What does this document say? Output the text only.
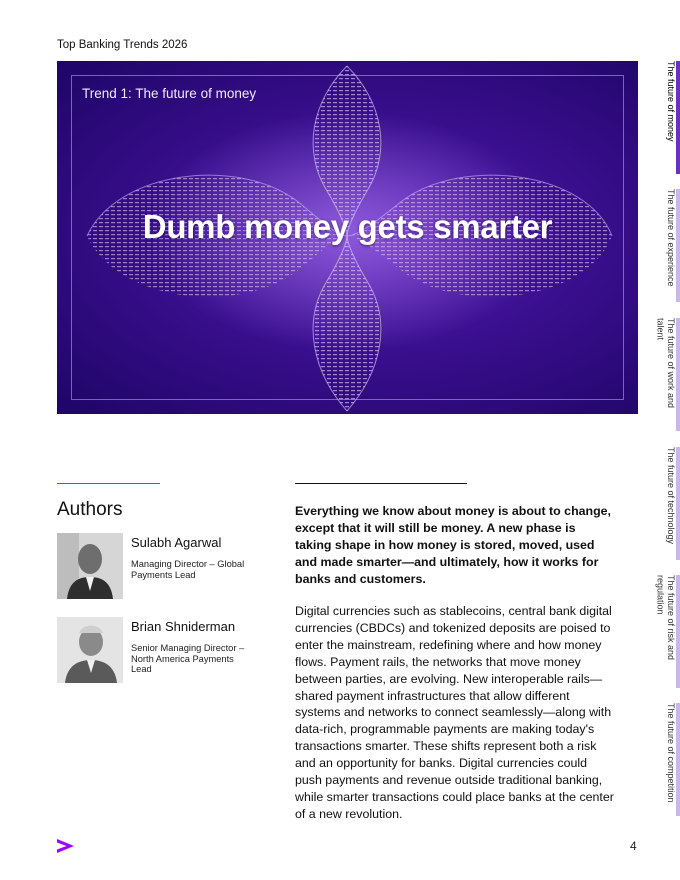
Top Banking Trends 2026
Trend 1: The future of money
Dumb money gets smarter
Authors
Sulabh Agarwal
Managing Director – Global Payments Lead
Brian Shniderman
Senior Managing Director – North America Payments Lead
Everything we know about money is about to change, except that it will still be money. A new phase is taking shape in how money is stored, moved, used and made smarter—and ultimately, how it works for banks and customers.
Digital currencies such as stablecoins, central bank digital currencies (CBDCs) and tokenized deposits are poised to enter the mainstream, redefining where and how money flows. Payment rails, the networks that move money between parties, are evolving. New interoperable rails—shared payment infrastructures that allow different systems and networks to connect seamlessly—along with data-rich, programmable payments are making today's transactions smarter. These shifts represent both a risk and an opportunity for banks. Digital currencies could push payments and revenue outside traditional banking, while smarter transactions could place banks at the center of a new revolution.
The future of money
The future of experience
The future of work and talent
The future of technology
The future of risk and regulation
The future of competition
4
